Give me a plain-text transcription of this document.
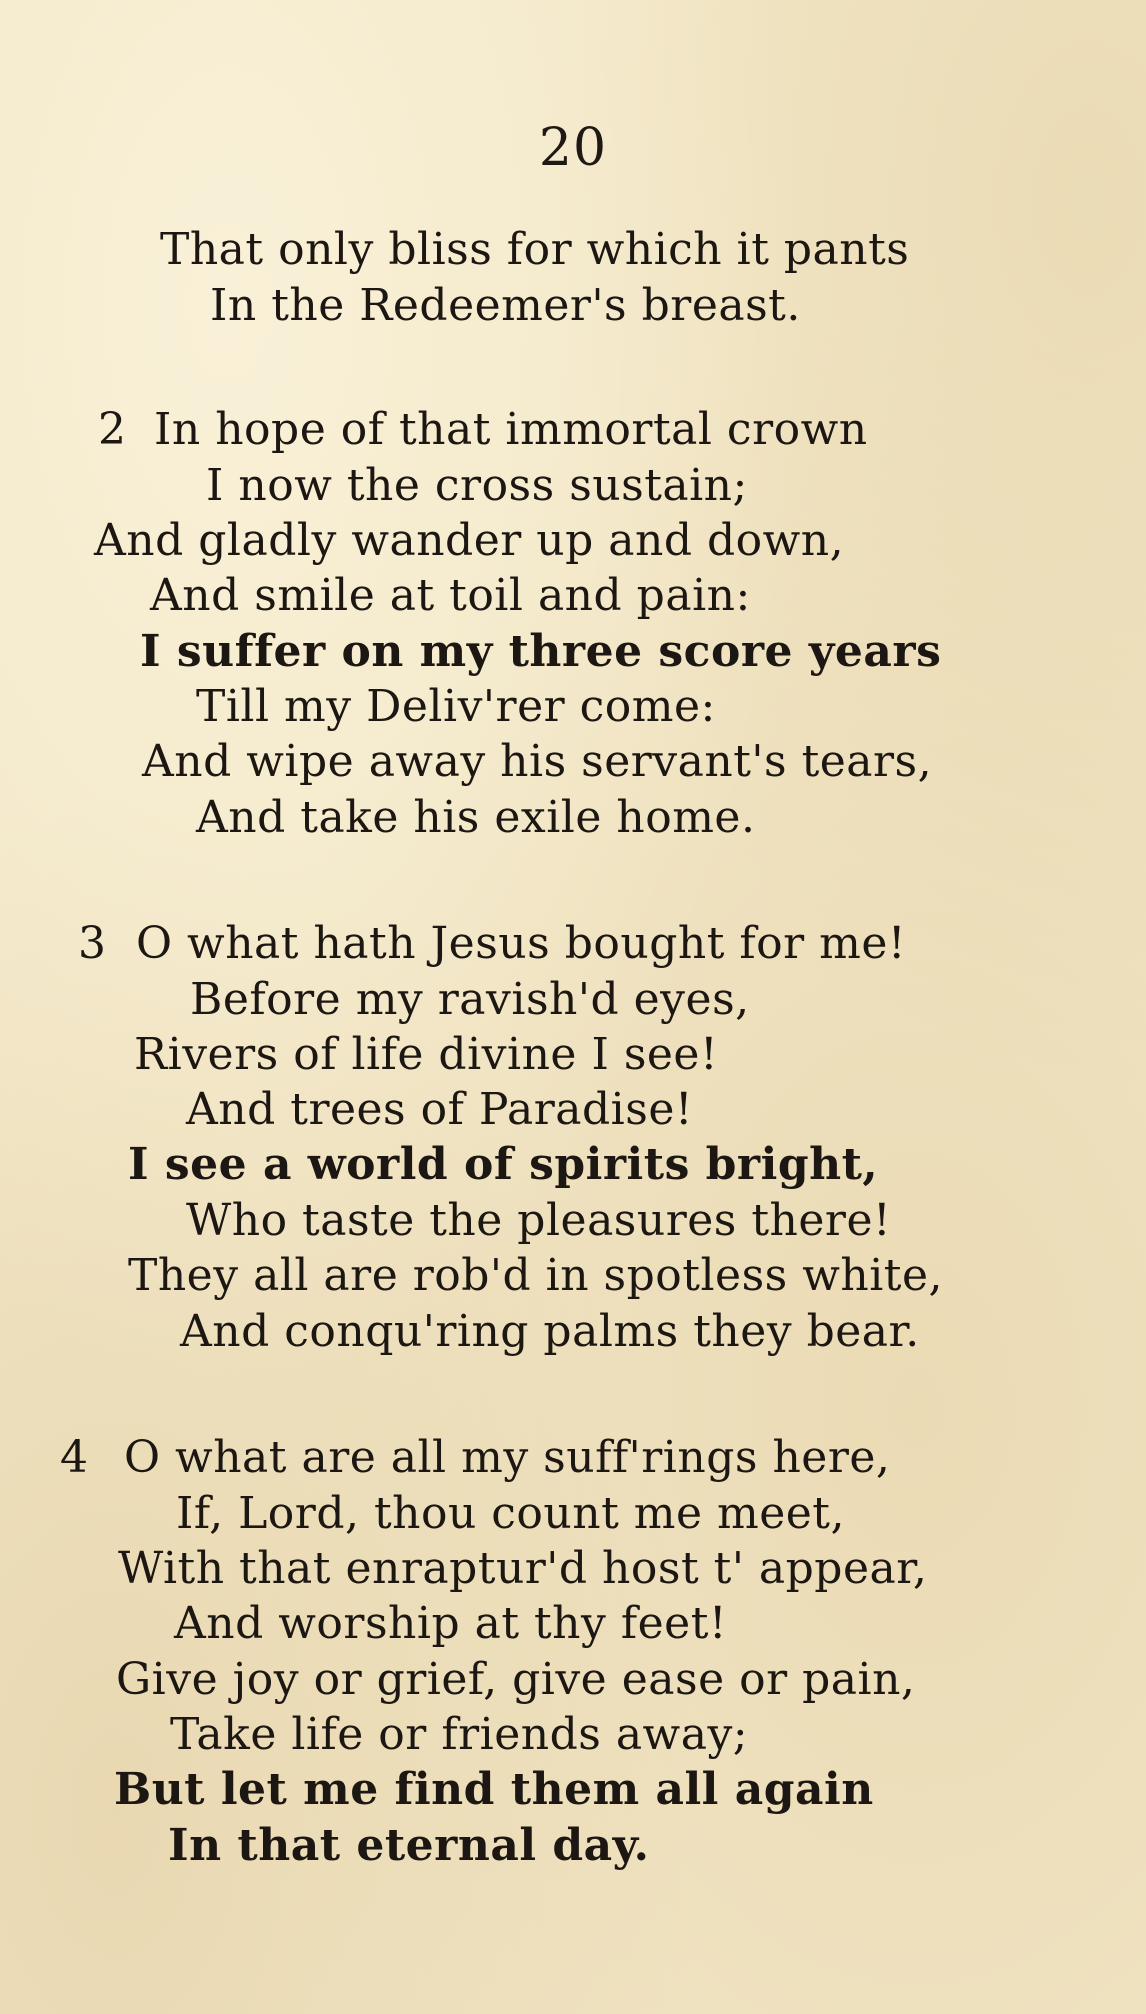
20
That only bliss for which it pants
In the Redeemer's breast.
2 In hope of that immortal crown
I now the cross sustain;
And gladly wander up and down,
And smile at toil and pain:
I suffer on my three score years
Till my Deliv'rer come:
And wipe away his servant's tears,
And take his exile home.
3 O what hath Jesus bought for me!
Before my ravish'd eyes,
Rivers of life divine I see!
And trees of Paradise!
I see a world of spirits bright,
Who taste the pleasures there!
They all are rob'd in spotless white,
And conqu'ring palms they bear.
4 O what are all my suff'rings here,
If, Lord, thou count me meet,
With that enraptur'd host t' appear,
And worship at thy feet!
Give joy or grief, give ease or pain,
Take life or friends away;
But let me find them all again
In that eternal day.
